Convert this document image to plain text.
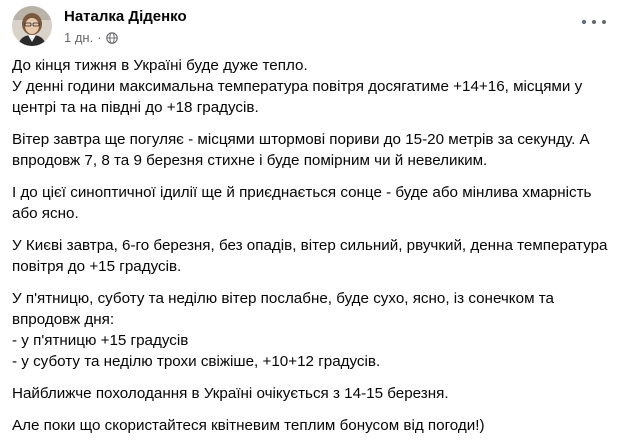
Наталка Діденко
1 дн. ·

До кінця тижня в Україні буде дуже тепло.
У денні години максимальна температура повітря досягатиме +14+16, місцями у центрі та на півдні до +18 градусів.

Вітер завтра ще погуляє - місцями штормові пориви до 15-20 метрів за секунду. А впродовж 7, 8 та 9 березня стихне і буде помірним чи й невеликим.

І до цієї синоптичної ідилії ще й приєднається сонце - буде або мінлива хмарність або ясно.

У Києві завтра, 6-го березня, без опадів, вітер сильний, рвучкий, денна температура повітря до +15 градусів.

У п'ятницю, суботу та неділю вітер послабне, буде сухо, ясно, із сонечком та впродовж дня:
- у п'ятницю +15 градусів
- у суботу та неділю трохи свіжіше, +10+12 градусів.

Найближче похолодання в Україні очікується з 14-15 березня.

Але поки що скористайтеся квітневим теплим бонусом від погоди!)
